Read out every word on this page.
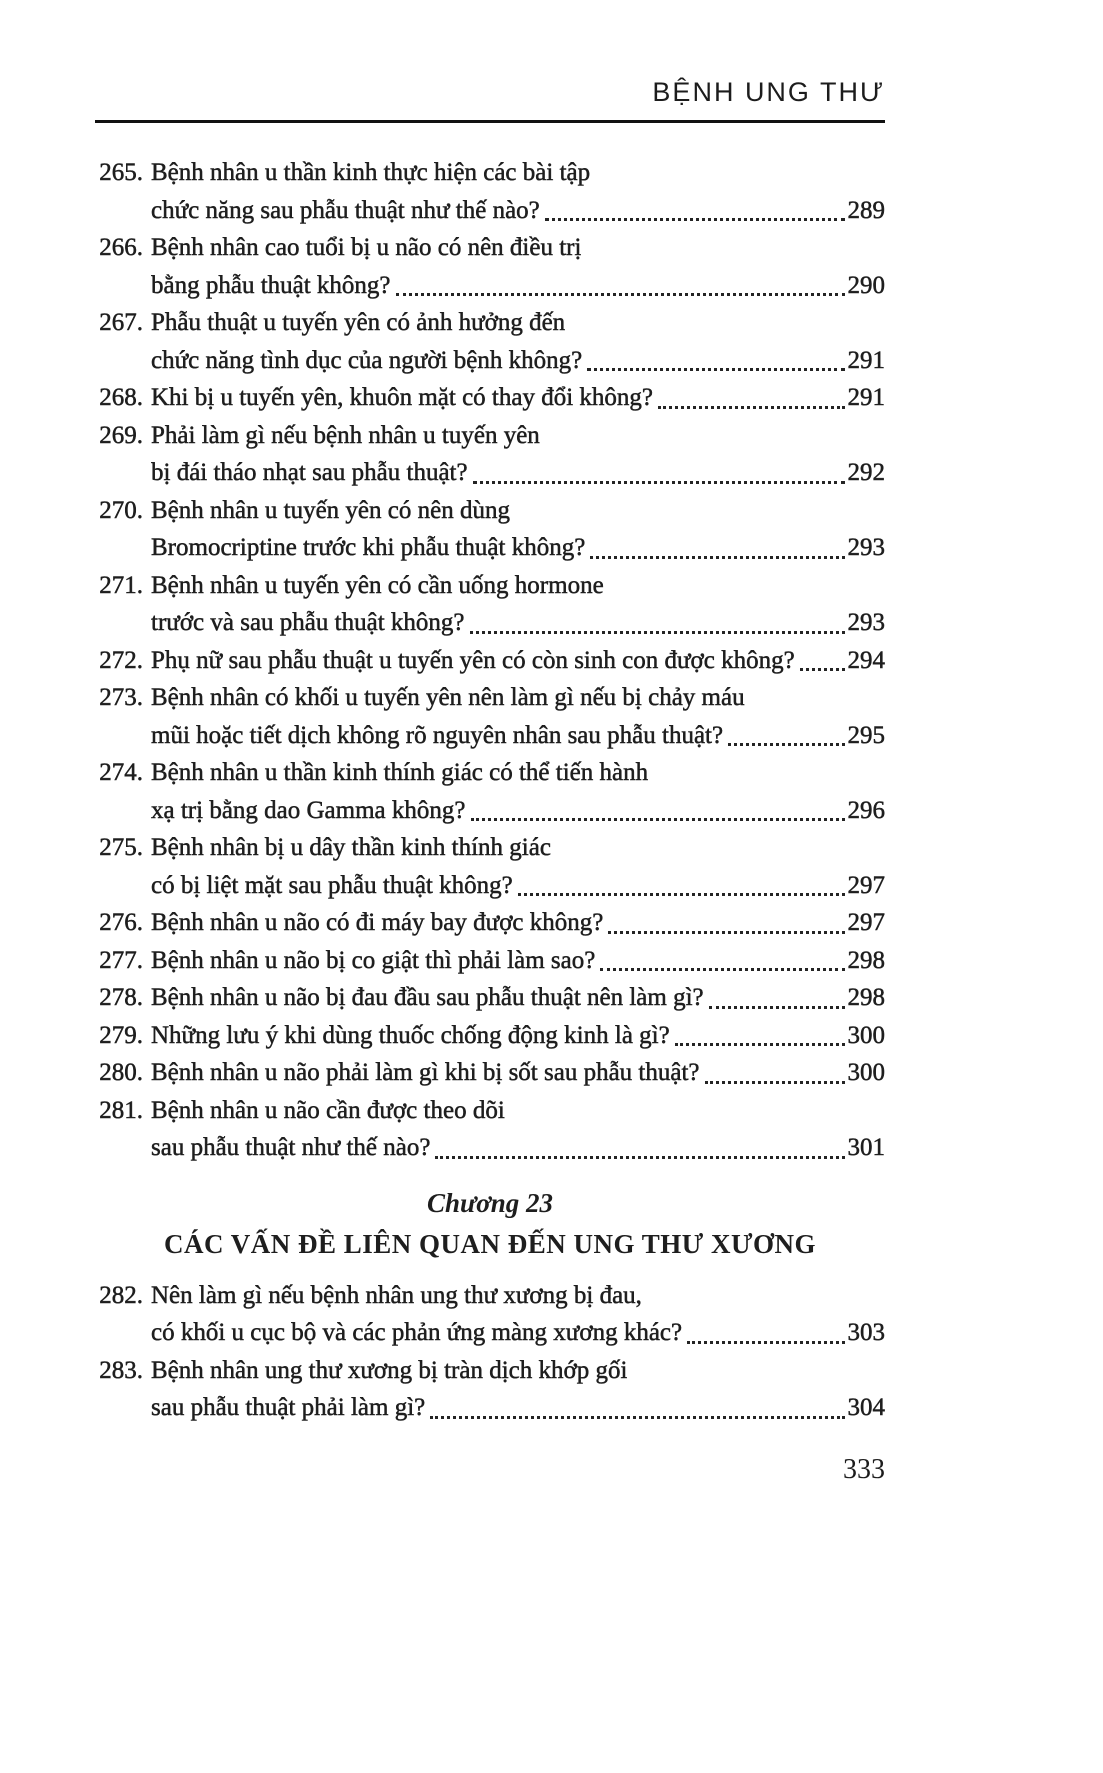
BỆNH UNG THƯ
265. Bệnh nhân u thần kinh thực hiện các bài tập
chức năng sau phẫu thuật như thế nào?	289
266. Bệnh nhân cao tuổi bị u não có nên điều trị
bằng phẫu thuật không?	290
267. Phẫu thuật u tuyến yên có ảnh hưởng đến
chức năng tình dục của người bệnh không?	291
268. Khi bị u tuyến yên, khuôn mặt có thay đổi không?	291
269. Phải làm gì nếu bệnh nhân u tuyến yên
bị đái tháo nhạt sau phẫu thuật?	292
270. Bệnh nhân u tuyến yên có nên dùng
Bromocriptine trước khi phẫu thuật không?	293
271. Bệnh nhân u tuyến yên có cần uống hormone
trước và sau phẫu thuật không?	293
272. Phụ nữ sau phẫu thuật u tuyến yên có còn sinh con được không? 294
273. Bệnh nhân có khối u tuyến yên nên làm gì nếu bị chảy máu
mũi hoặc tiết dịch không rõ nguyên nhân sau phẫu thuật?	295
274. Bệnh nhân u thần kinh thính giác có thể tiến hành
xạ trị bằng dao Gamma không?	296
275. Bệnh nhân bị u dây thần kinh thính giác
có bị liệt mặt sau phẫu thuật không?	297
276. Bệnh nhân u não có đi máy bay được không?	297
277. Bệnh nhân u não bị co giật thì phải làm sao?	298
278. Bệnh nhân u não bị đau đầu sau phẫu thuật nên làm gì?	298
279. Những lưu ý khi dùng thuốc chống động kinh là gì?	300
280. Bệnh nhân u não phải làm gì khi bị sốt sau phẫu thuật?	300
281. Bệnh nhân u não cần được theo dõi
sau phẫu thuật như thế nào?	301
Chương 23
CÁC VẤN ĐỀ LIÊN QUAN ĐẾN UNG THƯ XƯƠNG
282. Nên làm gì nếu bệnh nhân ung thư xương bị đau,
có khối u cục bộ và các phản ứng màng xương khác?	303
283. Bệnh nhân ung thư xương bị tràn dịch khớp gối
sau phẫu thuật phải làm gì?	304
333
